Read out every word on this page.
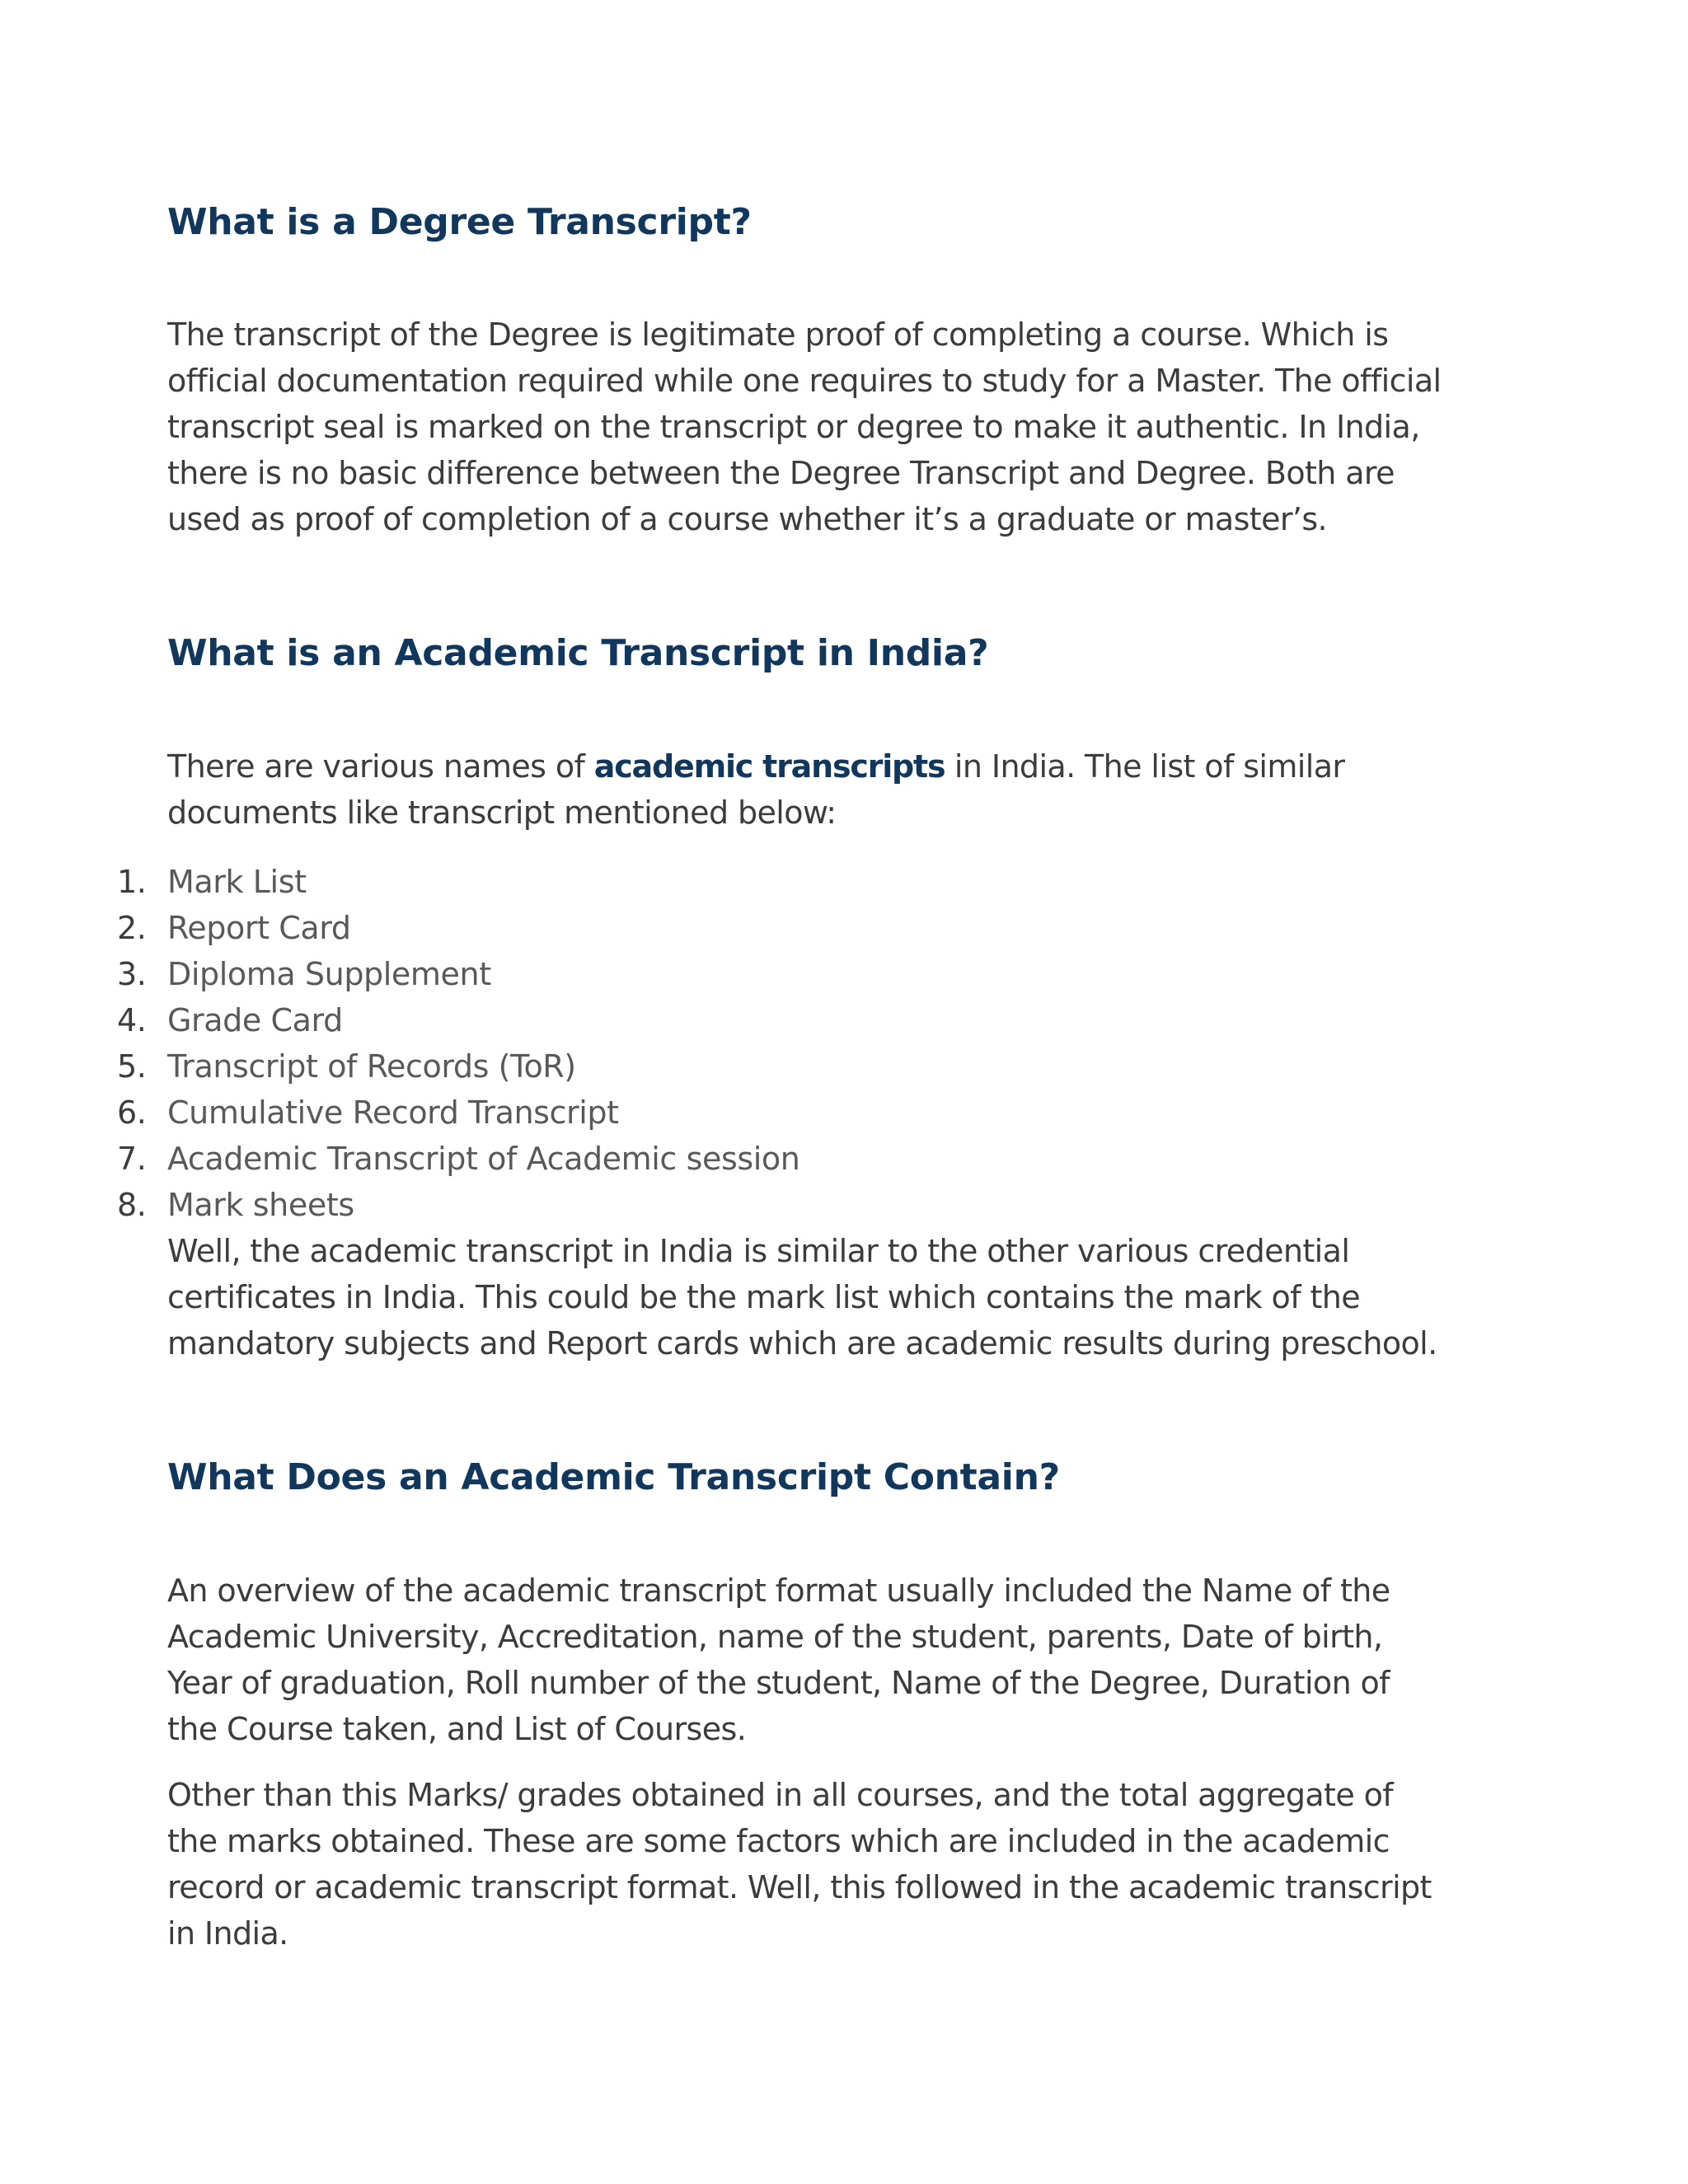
What is a Degree Transcript?
The transcript of the Degree is legitimate proof of completing a course. Which is
official documentation required while one requires to study for a Master. The official
transcript seal is marked on the transcript or degree to make it authentic. In India,
there is no basic difference between the Degree Transcript and Degree. Both are
used as proof of completion of a course whether it’s a graduate or master’s.
What is an Academic Transcript in India?
There are various names of academic transcripts in India. The list of similar
documents like transcript mentioned below:
1. Mark List
2. Report Card
3. Diploma Supplement
4. Grade Card
5. Transcript of Records (ToR)
6. Cumulative Record Transcript
7. Academic Transcript of Academic session
8. Mark sheets
Well, the academic transcript in India is similar to the other various credential
certificates in India. This could be the mark list which contains the mark of the
mandatory subjects and Report cards which are academic results during preschool.
What Does an Academic Transcript Contain?
An overview of the academic transcript format usually included the Name of the
Academic University, Accreditation, name of the student, parents, Date of birth,
Year of graduation, Roll number of the student, Name of the Degree, Duration of
the Course taken, and List of Courses.
Other than this Marks/ grades obtained in all courses, and the total aggregate of
the marks obtained. These are some factors which are included in the academic
record or academic transcript format. Well, this followed in the academic transcript
in India.
